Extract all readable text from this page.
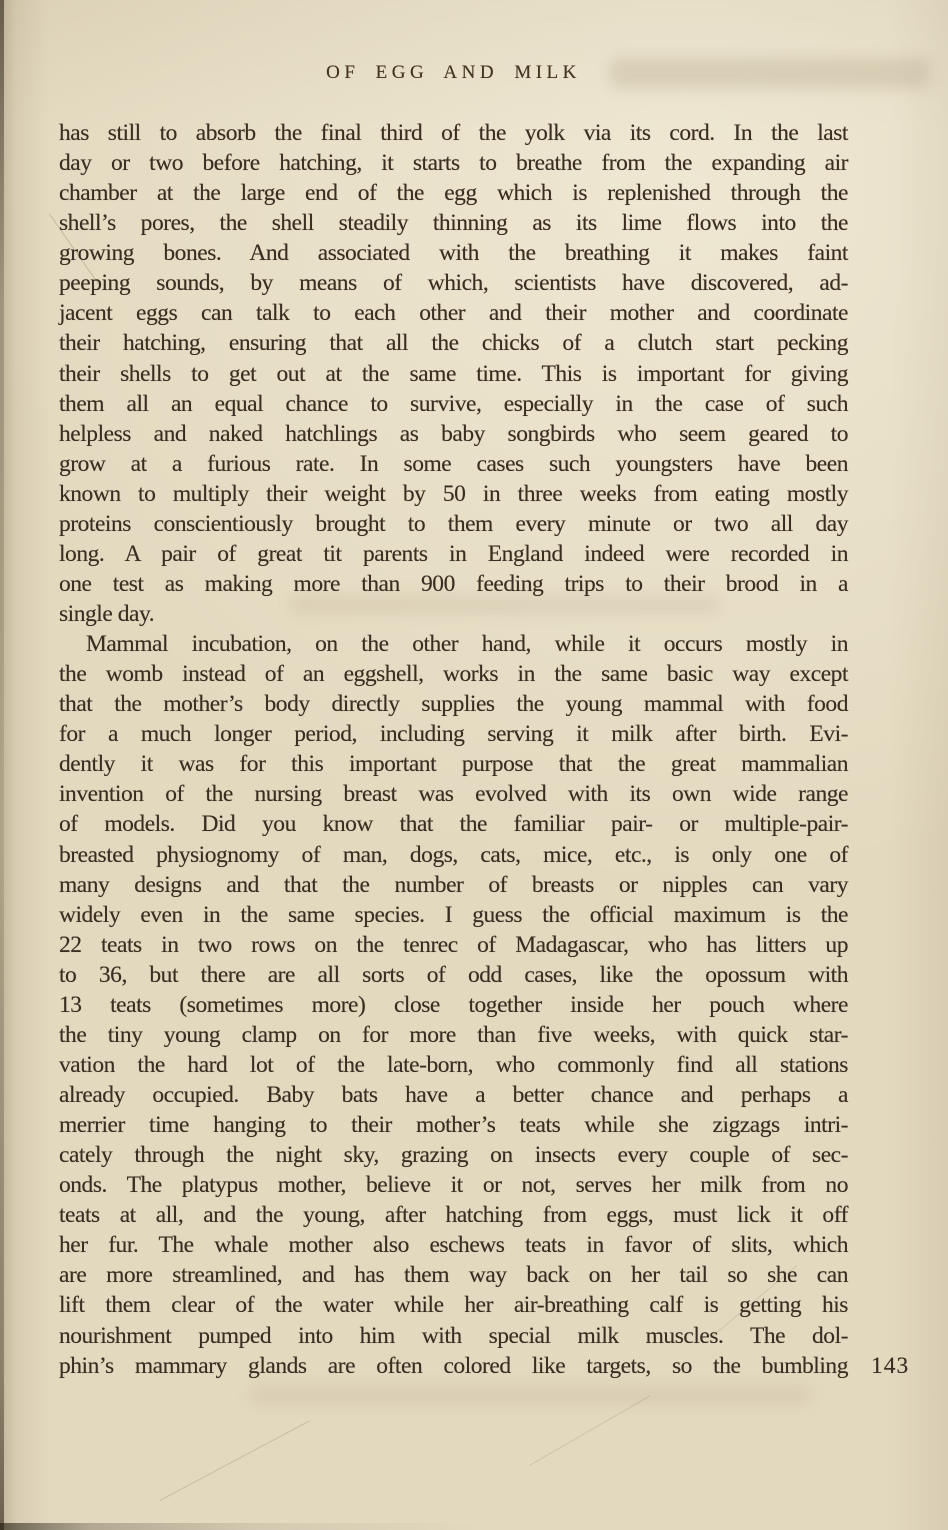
OF EGG AND MILK
has still to absorb the final third of the yolk via its cord. In the last
day or two before hatching, it starts to breathe from the expanding air
chamber at the large end of the egg which is replenished through the
shell’s pores, the shell steadily thinning as its lime flows into the
growing bones. And associated with the breathing it makes faint
peeping sounds, by means of which, scientists have discovered, ad-
jacent eggs can talk to each other and their mother and coordinate
their hatching, ensuring that all the chicks of a clutch start pecking
their shells to get out at the same time. This is important for giving
them all an equal chance to survive, especially in the case of such
helpless and naked hatchlings as baby songbirds who seem geared to
grow at a furious rate. In some cases such youngsters have been
known to multiply their weight by 50 in three weeks from eating mostly
proteins conscientiously brought to them every minute or two all day
long. A pair of great tit parents in England indeed were recorded in
one test as making more than 900 feeding trips to their brood in a
single day.
Mammal incubation, on the other hand, while it occurs mostly in
the womb instead of an eggshell, works in the same basic way except
that the mother’s body directly supplies the young mammal with food
for a much longer period, including serving it milk after birth. Evi-
dently it was for this important purpose that the great mammalian
invention of the nursing breast was evolved with its own wide range
of models. Did you know that the familiar pair- or multiple-pair-
breasted physiognomy of man, dogs, cats, mice, etc., is only one of
many designs and that the number of breasts or nipples can vary
widely even in the same species. I guess the official maximum is the
22 teats in two rows on the tenrec of Madagascar, who has litters up
to 36, but there are all sorts of odd cases, like the opossum with
13 teats (sometimes more) close together inside her pouch where
the tiny young clamp on for more than five weeks, with quick star-
vation the hard lot of the late-born, who commonly find all stations
already occupied. Baby bats have a better chance and perhaps a
merrier time hanging to their mother’s teats while she zigzags intri-
cately through the night sky, grazing on insects every couple of sec-
onds. The platypus mother, believe it or not, serves her milk from no
teats at all, and the young, after hatching from eggs, must lick it off
her fur. The whale mother also eschews teats in favor of slits, which
are more streamlined, and has them way back on her tail so she can
lift them clear of the water while her air-breathing calf is getting his
nourishment pumped into him with special milk muscles. The dol-
phin’s mammary glands are often colored like targets, so the bumbling 143
